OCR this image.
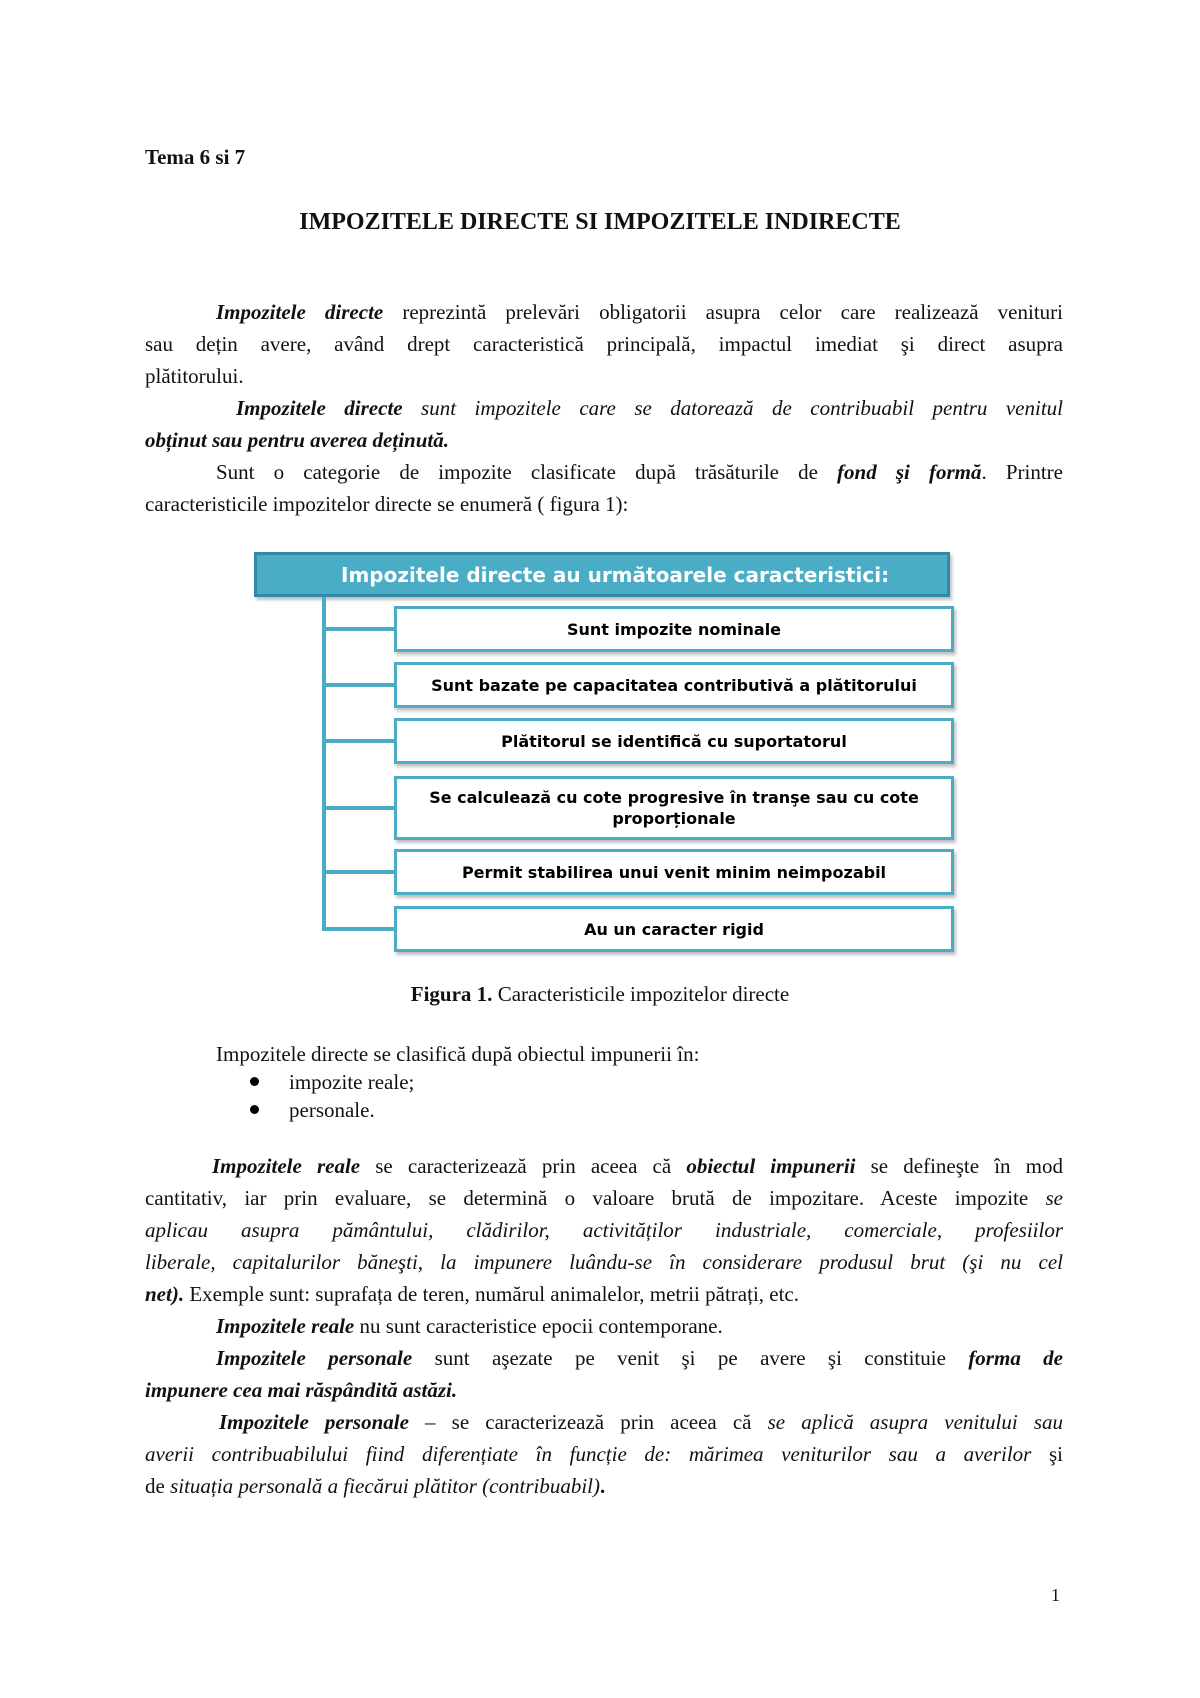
Tema 6 si 7
IMPOZITELE DIRECTE SI IMPOZITELE INDIRECTE
Impozitele directe reprezintă prelevări obligatorii asupra celor care realizează venituri
sau dețin avere, având drept caracteristică principală, impactul imediat şi direct asupra
plătitorului.
Impozitele directe sunt impozitele care se datorează de contribuabil pentru venitul
obținut sau pentru averea deținută.
Sunt o categorie de impozite clasificate după trăsăturile de fond şi formă. Printre
caracteristicile impozitelor directe se enumeră ( figura 1):
Impozitele directe au următoarele caracteristici:
Sunt impozite nominale
Sunt bazate pe capacitatea contributivă a plătitorului
Plătitorul se identifică cu suportatorul
Se calculează cu cote progresive în tranşe sau cu cote proporționale
Permit stabilirea unui venit minim neimpozabil
Au un caracter rigid
Figura 1. Caracteristicile impozitelor directe
Impozitele directe se clasifică după obiectul impunerii în:
impozite reale;
personale.
Impozitele reale se caracterizează prin aceea că obiectul impunerii se defineşte în mod
cantitativ, iar prin evaluare, se determină o valoare brută de impozitare. Aceste impozite se
aplicau asupra pământului, clădirilor, activităților industriale, comerciale, profesiilor
liberale, capitalurilor băneşti, la impunere luându-se în considerare produsul brut (şi nu cel
net). Exemple sunt: suprafața de teren, numărul animalelor, metrii pătrați, etc.
Impozitele reale nu sunt caracteristice epocii contemporane.
Impozitele personale sunt aşezate pe venit şi pe avere şi constituie forma de
impunere cea mai răspândită astăzi.
Impozitele personale – se caracterizează prin aceea că se aplică asupra venitului sau
averii contribuabilului fiind diferențiate în funcție de: mărimea veniturilor sau a averilor şi
de situația personală a fiecărui plătitor (contribuabil).
1
